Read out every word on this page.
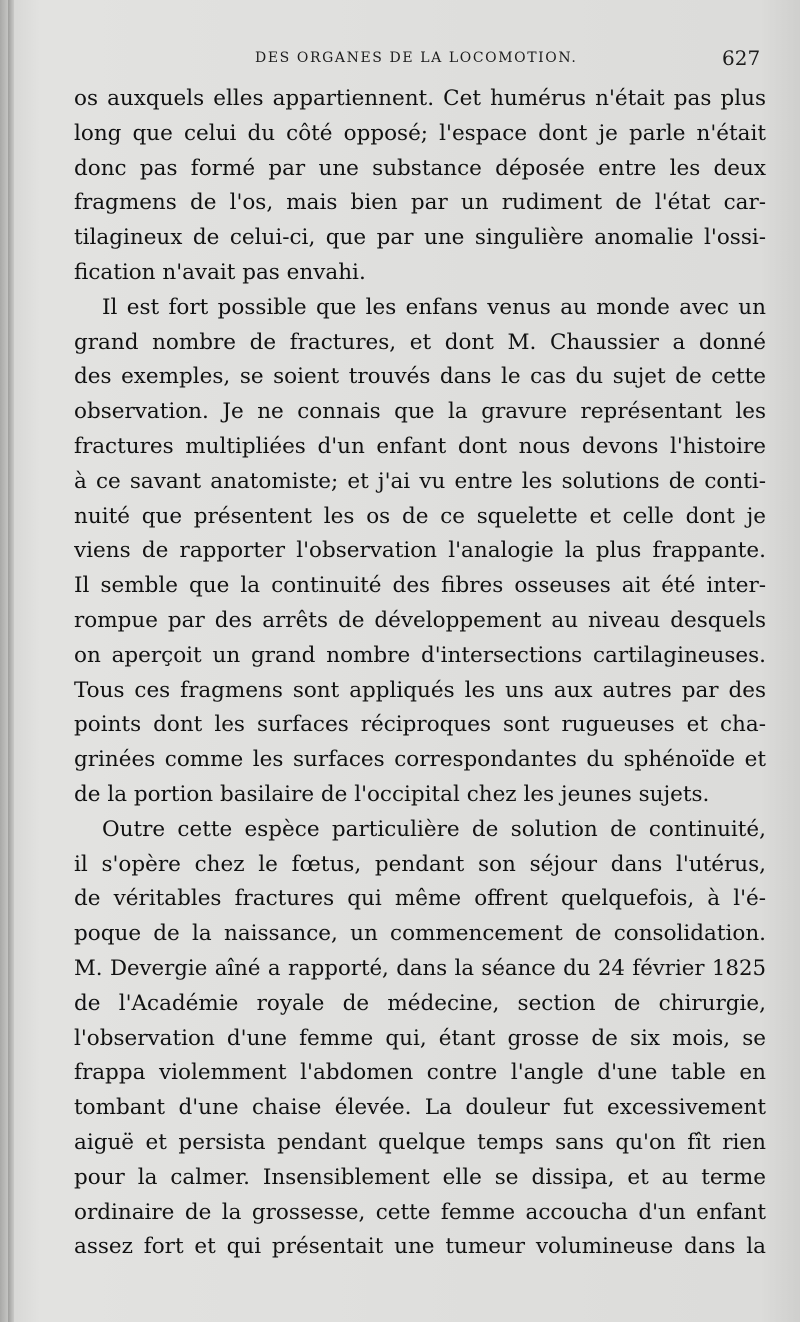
DES ORGANES DE LA LOCOMOTION.	627
os auxquels elles appartiennent. Cet humérus n'était pas plus
long que celui du côté opposé; l'espace dont je parle n'était
donc pas formé par une substance déposée entre les deux
fragmens de l'os, mais bien par un rudiment de l'état car-
tilagineux de celui-ci, que par une singulière anomalie l'ossi-
fication n'avait pas envahi.
Il est fort possible que les enfans venus au monde avec un
grand nombre de fractures, et dont M. Chaussier a donné
des exemples, se soient trouvés dans le cas du sujet de cette
observation. Je ne connais que la gravure représentant les
fractures multipliées d'un enfant dont nous devons l'histoire
à ce savant anatomiste; et j'ai vu entre les solutions de conti-
nuité que présentent les os de ce squelette et celle dont je
viens de rapporter l'observation l'analogie la plus frappante.
Il semble que la continuité des fibres osseuses ait été inter-
rompue par des arrêts de développement au niveau desquels
on aperçoit un grand nombre d'intersections cartilagineuses.
Tous ces fragmens sont appliqués les uns aux autres par des
points dont les surfaces réciproques sont rugueuses et cha-
grinées comme les surfaces correspondantes du sphénoïde et
de la portion basilaire de l'occipital chez les jeunes sujets.
Outre cette espèce particulière de solution de continuité,
il s'opère chez le fœtus, pendant son séjour dans l'utérus,
de véritables fractures qui même offrent quelquefois, à l'é-
poque de la naissance, un commencement de consolidation.
M. Devergie aîné a rapporté, dans la séance du 24 février 1825
de l'Académie royale de médecine, section de chirurgie,
l'observation d'une femme qui, étant grosse de six mois, se
frappa violemment l'abdomen contre l'angle d'une table en
tombant d'une chaise élevée. La douleur fut excessivement
aiguë et persista pendant quelque temps sans qu'on fît rien
pour la calmer. Insensiblement elle se dissipa, et au terme
ordinaire de la grossesse, cette femme accoucha d'un enfant
assez fort et qui présentait une tumeur volumineuse dans la
